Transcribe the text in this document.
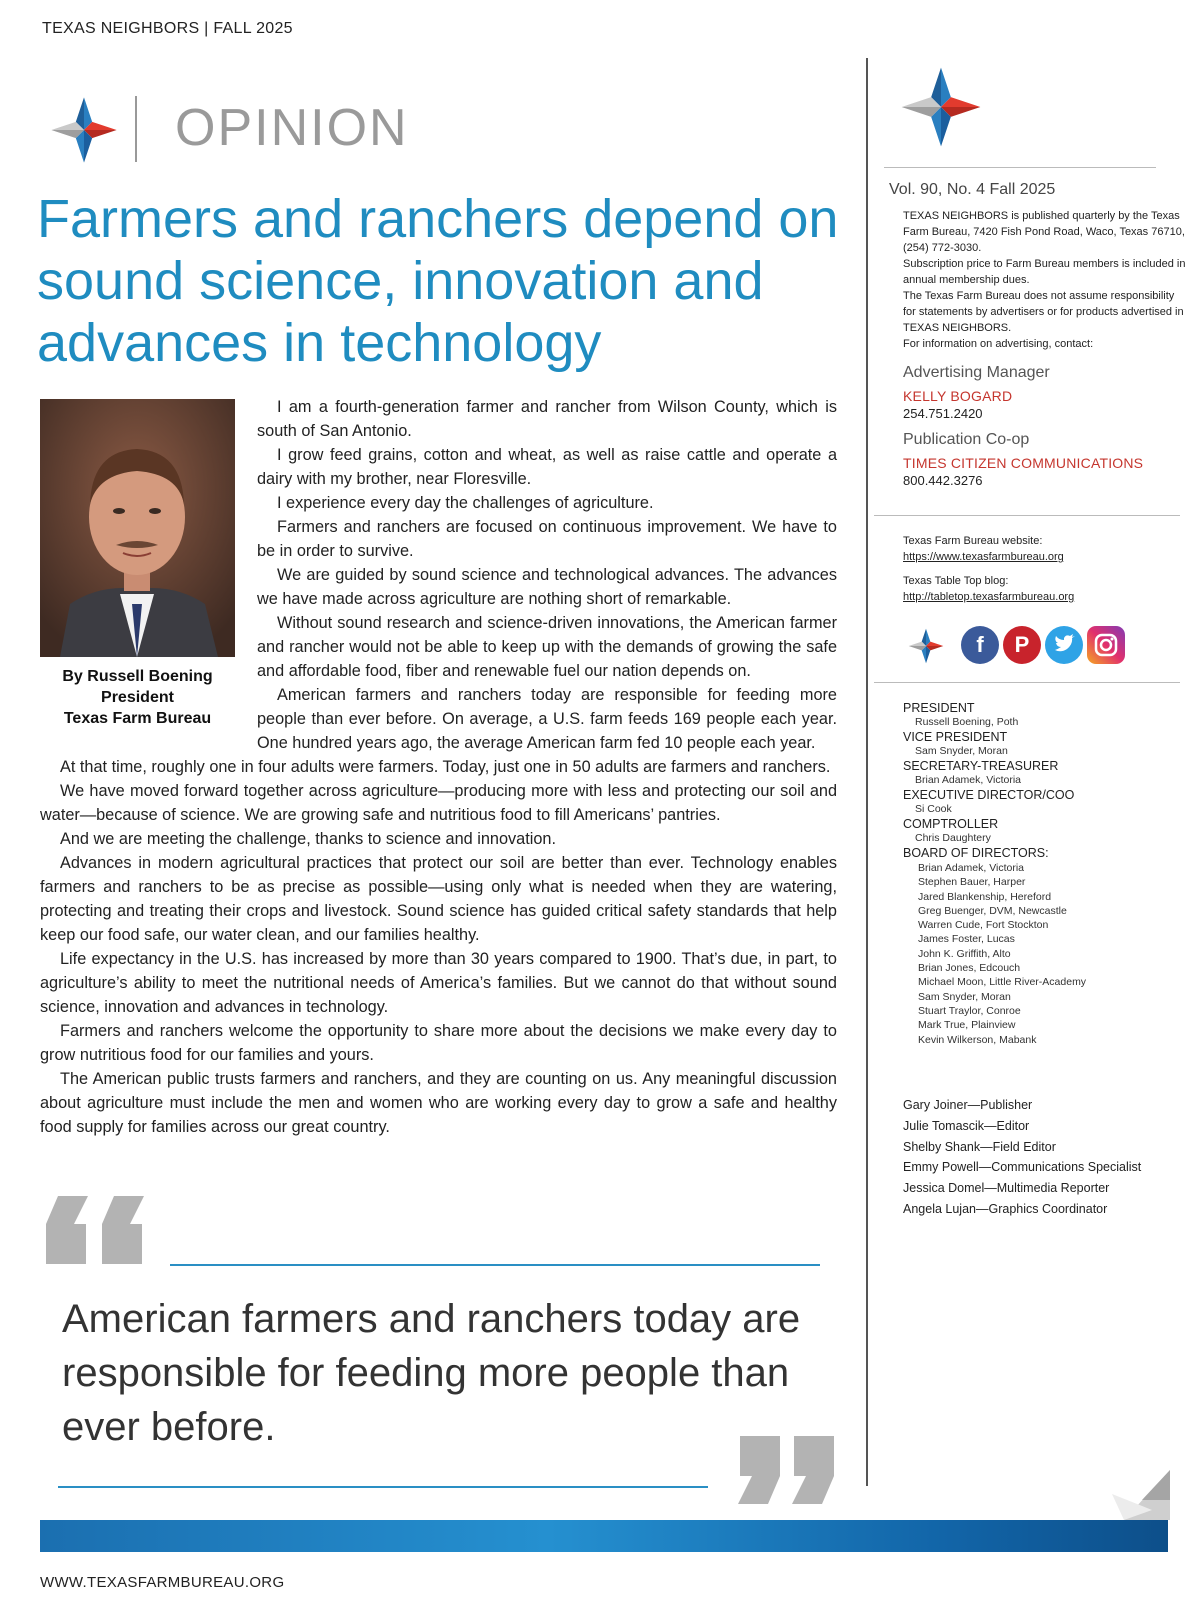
TEXAS NEIGHBORS | FALL 2025
OPINION
Farmers and ranchers depend on sound science, innovation and advances in technology
By Russell Boening
President
Texas Farm Bureau

I am a fourth-generation farmer and rancher from Wilson County, which is south of San Antonio.

I grow feed grains, cotton and wheat, as well as raise cattle and operate a dairy with my brother, near Floresville.

I experience every day the challenges of agriculture.

Farmers and ranchers are focused on continuous improvement. We have to be in order to survive.

We are guided by sound science and technological advances. The advances we have made across agriculture are nothing short of remarkable.

Without sound research and science-driven innovations, the American farmer and rancher would not be able to keep up with the demands of growing the safe and affordable food, fiber and renewable fuel our nation depends on.

American farmers and ranchers today are responsible for feeding more people than ever before. On average, a U.S. farm feeds 169 people each year. One hundred years ago, the average American farm fed 10 people each year.

At that time, roughly one in four adults were farmers. Today, just one in 50 adults are farmers and ranchers.

We have moved forward together across agriculture—producing more with less and protecting our soil and water—because of science. We are growing safe and nutritious food to fill Americans’ pantries.

And we are meeting the challenge, thanks to science and innovation.

Advances in modern agricultural practices that protect our soil are better than ever. Technology enables farmers and ranchers to be as precise as possible—using only what is needed when they are watering, protecting and treating their crops and livestock. Sound science has guided critical safety standards that help keep our food safe, our water clean, and our families healthy.

Life expectancy in the U.S. has increased by more than 30 years compared to 1900. That’s due, in part, to agriculture’s ability to meet the nutritional needs of America’s families. But we cannot do that without sound science, innovation and advances in technology.

Farmers and ranchers welcome the opportunity to share more about the decisions we make every day to grow nutritious food for our families and yours.

The American public trusts farmers and ranchers, and they are counting on us. Any meaningful discussion about agriculture must include the men and women who are working every day to grow a safe and healthy food supply for families across our great country.

American farmers and ranchers today are responsible for feeding more people than ever before.
Vol. 90, No. 4 Fall 2025
TEXAS NEIGHBORS is published quarterly by the Texas Farm Bureau, 7420 Fish Pond Road, Waco, Texas 76710, (254) 772-3030.
Subscription price to Farm Bureau members is included in annual membership dues.
The Texas Farm Bureau does not assume responsibility for statements by advertisers or for products advertised in TEXAS NEIGHBORS.
For information on advertising, contact:
Advertising Manager
KELLY BOGARD
254.751.2420
Publication Co-op
TIMES CITIZEN COMMUNICATIONS
800.442.3276
Texas Farm Bureau website:
https://www.texasfarmbureau.org
Texas Table Top blog:
http://tabletop.texasfarmbureau.org
f	P
PRESIDENT
Russell Boening, Poth
VICE PRESIDENT
Sam Snyder, Moran
SECRETARY-TREASURER
Brian Adamek, Victoria
EXECUTIVE DIRECTOR/COO
Si Cook
COMPTROLLER
Chris Daughtery
BOARD OF DIRECTORS:
Brian Adamek, Victoria
Stephen Bauer, Harper
Jared Blankenship, Hereford
Greg Buenger, DVM, Newcastle
Warren Cude, Fort Stockton
James Foster, Lucas
John K. Griffith, Alto
Brian Jones, Edcouch
Michael Moon, Little River-Academy
Sam Snyder, Moran
Stuart Traylor, Conroe
Mark True, Plainview
Kevin Wilkerson, Mabank
Gary Joiner—Publisher
Julie Tomascik—Editor
Shelby Shank—Field Editor
Emmy Powell—Communications Specialist
Jessica Domel—Multimedia Reporter
Angela Lujan—Graphics Coordinator
WWW.TEXASFARMBUREAU.ORG
